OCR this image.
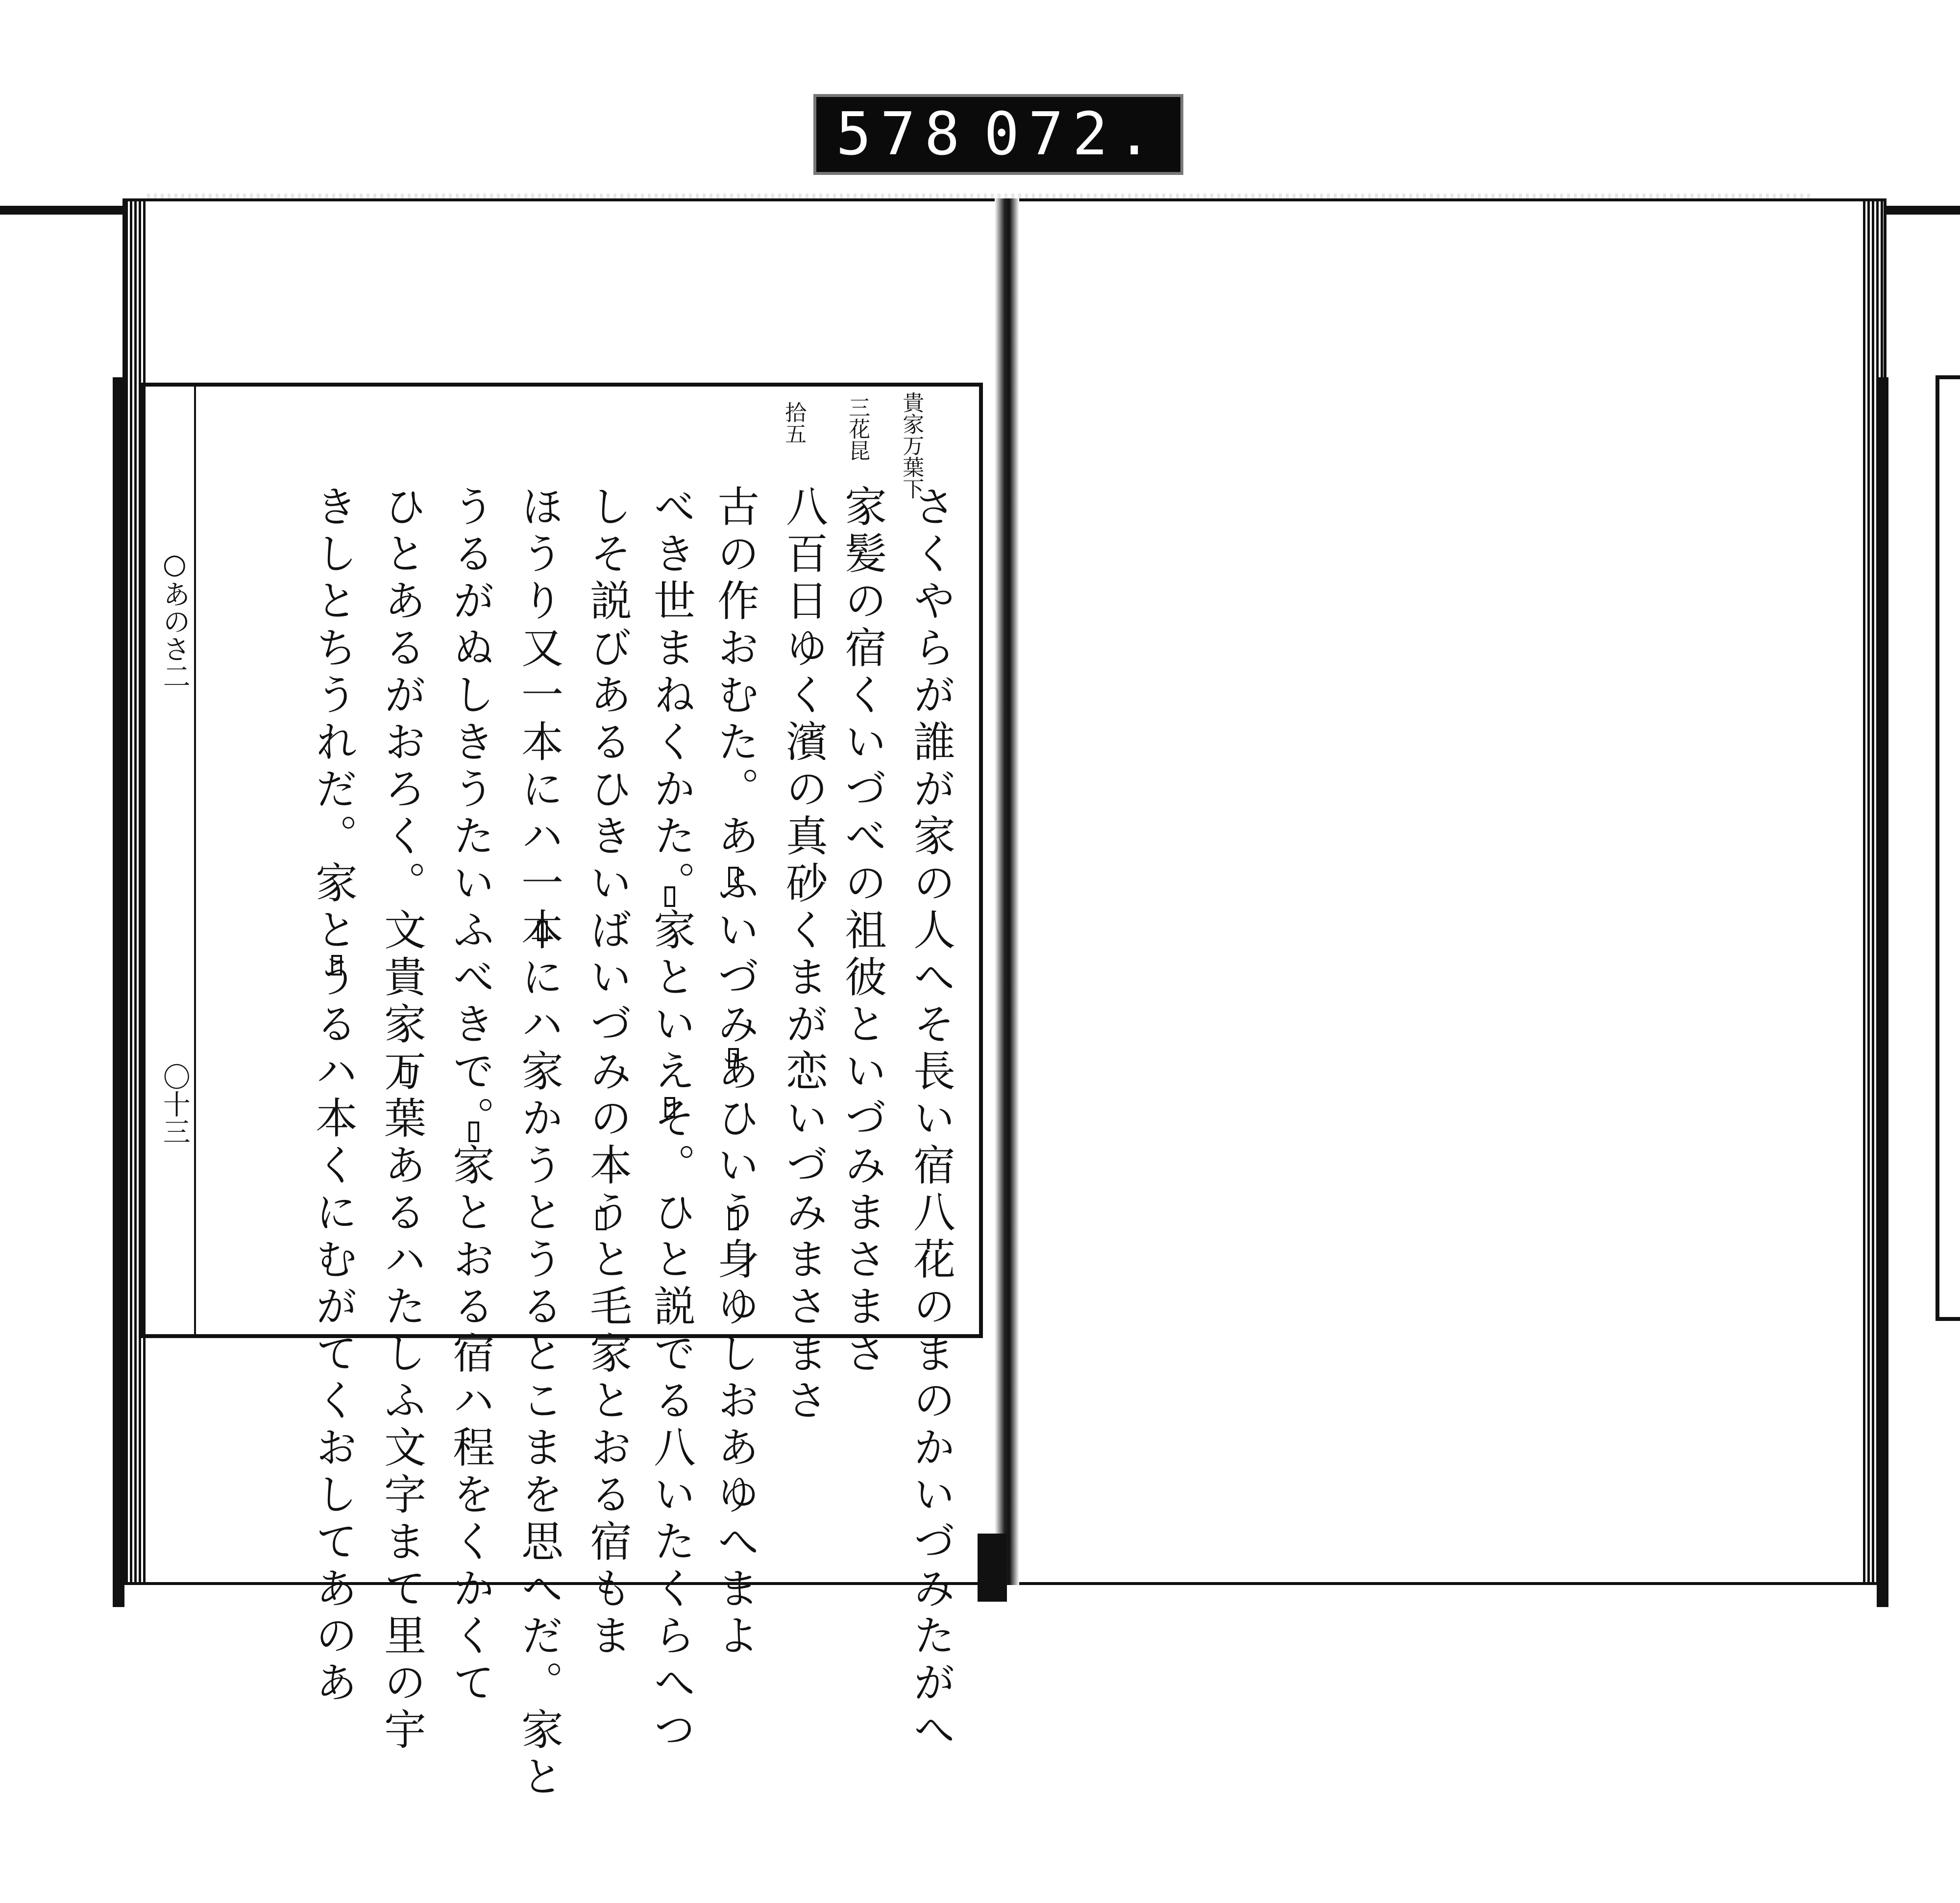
578 072.
○あのさ二
〇十三
貴家万葉下
三花昆
拾五
さくやらが誰が家の人へそ長い宿八花のまのかいづみたがへ
家髪の宿くいづべの祖彼といづみまさまさ
八百日ゆく濱の真砂くまが恋いづみまさまさ
古の作おむた。あふいづみあひいう身ゆしおあゆへまよ
べき世まねくかた。家といえそ。ひと説でる八いたくらへつ
しそ説びあるひきいばいづみの本うと毛家とおる宿もま
ほうり又一本にハ一本にハ家かうとうるとこまを思へだ。家と
うるがぬしきうたいふべきで。家とおる宿ハ程をくかくて
ひとあるがおろく。文貴家万葉あるハたしふ文字まて里の宇
きしとちうれだ。家とうるハ本くにむがてくおしてあのあ
